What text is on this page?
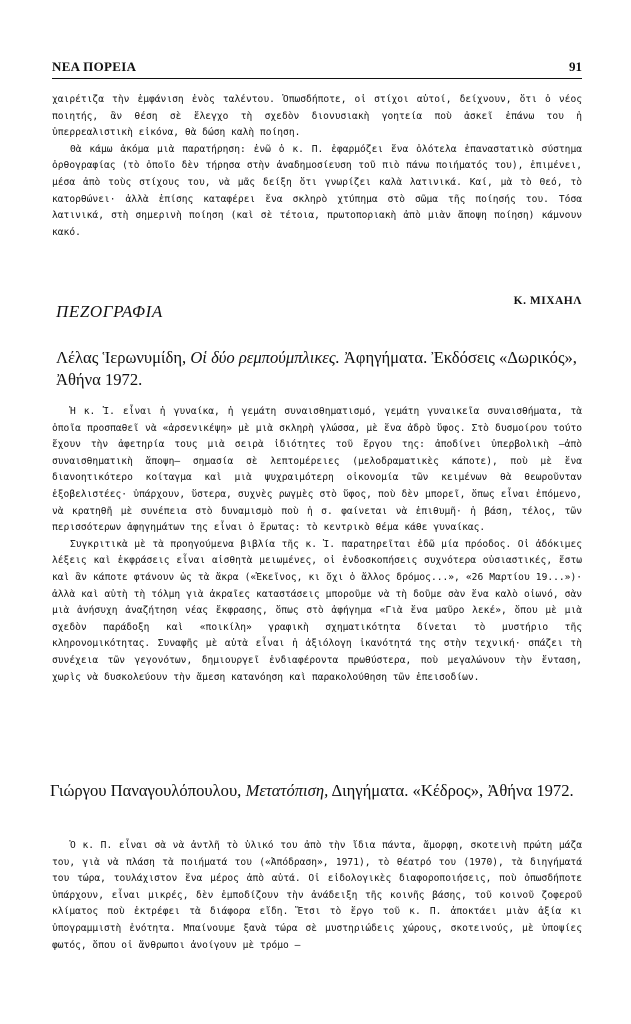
ΝΕΑ ΠΟΡΕΙΑ	91

χαιρέτιζα τὴν ἐμφάνιση ἑνὸς ταλέντου. Ὁπωσδήποτε, οἱ στίχοι αὐτοί, δείχνουν, ὅτι ὁ νέος ποιητής, ἂν θέση σὲ ἔλεγχο τὴ σχεδὸν διονυσιακὴ γοητεία ποὺ ἀσκεῖ ἐπάνω του ἡ ὑπερρεαλιστικὴ εἰκόνα, θὰ δώση καλὴ ποίηση.

Θὰ κάμω ἀκόμα μιὰ παρατήρηση: ἐνῶ ὁ κ. Π. ἐφαρμόζει ἕνα ὁλότελα ἐπαναστατικὸ σύστημα ὀρθογραφίας (τὸ ὁποῖο δὲν τήρησα στὴν ἀναδημοσίευση τοῦ πιὸ πάνω ποιήματός του), ἐπιμένει, μέσα ἀπὸ τοὺς στίχους του, νὰ μᾶς δείξη ὅτι γνωρίζει καλὰ λατινικά. Καί, μὰ τὸ Θεό, τὸ κατορθώνει· ἀλλὰ ἐπίσης καταφέρει ἕνα σκληρὸ χτύπημα στὸ σῶμα τῆς ποίησής του. Τόσα λατινικά, στὴ σημερινὴ ποίηση (καὶ σὲ τέτοια, πρωτοποριακὴ ἀπὸ μιὰν ἄποψη ποίηση) κάμνουν κακό.

Κ. ΜΙΧΑΗΛ
ΠΕΖΟΓΡΑΦΙΑ
Λέλας Ἱερωνυμίδη, Οἱ δύο ρεμπούμπλικες. Ἀφηγήματα. Ἐκδόσεις «Δωρικός», Ἀθήνα 1972.

Ἡ κ. Ἰ. εἶναι ἡ γυναίκα, ἡ γεμάτη συναισθηματισμό, γεμάτη γυναικεῖα συναισθήματα, τὰ ὁποῖα προσπαθεῖ νὰ «ἀρσενικέψη» μὲ μιὰ σκληρὴ γλώσσα, μὲ ἕνα ἁδρὸ ὕφος. Στὸ δυσμοίρου τούτο ἔχουν τὴν ἀφετηρία τους μιὰ σειρὰ ἰδιότητες τοῦ ἔργου της: ἀποδίνει ὑπερβολικὴ —ἀπὸ συναισθηματικὴ ἄποψη— σημασία σὲ λεπτομέρειες (μελοδραματικὲς κάποτε), ποὺ μὲ ἕνα διανοητικότερο κοίταγμα καὶ μιὰ ψυχραιμότερη οἰκονομία τῶν κειμένων θὰ θεωροῦνταν ἐξοβελιστέες· ὑπάρχουν, ὕστερα, συχνὲς ρωγμὲς στὸ ὕφος, ποὺ δὲν μπορεῖ, ὅπως εἶναι ἑπόμενο, νὰ κρατηθῆ μὲ συνέπεια στὸ δυναμισμὸ ποὺ ἡ σ. φαίνεται νὰ ἐπιθυμῆ· ἡ βάση, τέλος, τῶν περισσότερων ἀφηγημάτων της εἶναι ὁ ἔρωτας: τὸ κεντρικὸ θέμα κάθε γυναίκας.

Συγκριτικὰ μὲ τὰ προηγούμενα βιβλία τῆς κ. Ἰ. παρατηρεῖται ἐδῶ μία πρόοδος. Οἱ ἀδόκιμες λέξεις καὶ ἐκφράσεις εἶναι αἰσθητὰ μειωμένες, οἱ ἐνδοσκοπήσεις συχνότερα οὐσιαστικές, ἔστω καὶ ἂν κάποτε φτάνουν ὡς τὰ ἄκρα («Ἐκεῖνος, κι ὄχι ὁ ἄλλος δρόμος...», «26 Μαρτίου 19...»)· ἀλλὰ καὶ αὐτὴ τὴ τόλμη γιὰ ἀκραῖες καταστάσεις μποροῦμε νὰ τὴ δοῦμε σὰν ἕνα καλὸ οἰωνό, σὰν μιὰ ἀνήσυχη ἀναζήτηση νέας ἔκφρασης, ὅπως στὸ ἀφήγημα «Γιὰ ἕνα μαῦρο λεκέ», ὅπου μὲ μιὰ σχεδὸν παράδοξη καὶ «ποικίλη» γραφικὴ σχηματικότητα δίνεται τὸ μυστήριο τῆς κληρονομικότητας. Συναφῆς μὲ αὐτὰ εἶναι ἡ ἀξιόλογη ἱκανότητά της στὴν τεχνική· σπάζει τὴ συνέχεια τῶν γεγονότων, δημιουργεῖ ἐνδιαφέροντα πρωθύστερα, ποὺ μεγαλώνουν τὴν ἔνταση, χωρὶς νὰ δυσκολεύουν τὴν ἄμεση κατανόηση καὶ παρακολούθηση τῶν ἐπεισοδίων.

Γιώργου Παναγουλόπουλου, Μετατόπιση, Διηγήματα. «Κέδρος», Ἀθήνα 1972.

Ὁ κ. Π. εἶναι σὰ νὰ ἀντλῆ τὸ ὑλικό του ἀπὸ τὴν ἴδια πάντα, ἄμορφη, σκοτεινὴ πρώτη μάζα του, γιὰ νὰ πλάση τὰ ποιήματά του («Ἀπόδραση», 1971), τὸ θέατρό του (1970), τὰ διηγήματά του τώρα, τουλάχιστον ἕνα μέρος ἀπὸ αὐτά. Οἱ εἰδολογικὲς διαφοροποιήσεις, ποὺ ὁπωσδήποτε ὑπάρχουν, εἶναι μικρές, δὲν ἐμποδίζουν τὴν ἀνάδειξη τῆς κοινῆς βάσης, τοῦ κοινοῦ ζοφεροῦ κλίματος ποὺ ἐκτρέφει τὰ διάφορα εἴδη. Ἔτσι τὸ ἔργο τοῦ κ. Π. ἀποκτάει μιὰν ἀξία κι ὑπογραμμιστὴ ἑνότητα. Μπαίνουμε ξανὰ τώρα σὲ μυστηριώδεις χώρους, σκοτεινούς, μὲ ὑποψίες φωτός, ὅπου οἱ ἄνθρωποι ἀνοίγουν μὲ τρόμο —
